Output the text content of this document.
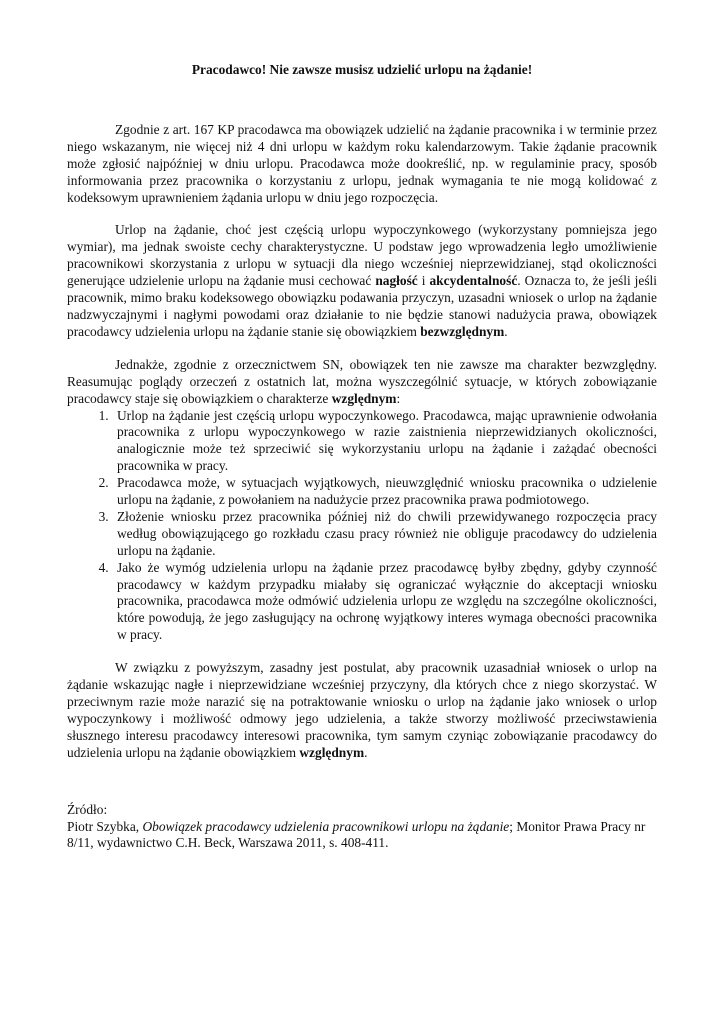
Pracodawco! Nie zawsze musisz udzielić urlopu na żądanie!

Zgodnie z art. 167 KP pracodawca ma obowiązek udzielić na żądanie pracownika i w terminie przez niego wskazanym, nie więcej niż 4 dni urlopu w każdym roku kalendarzowym. Takie żądanie pracownik może zgłosić najpóźniej w dniu urlopu. Pracodawca może dookreślić, np. w regulaminie pracy, sposób informowania przez pracownika o korzystaniu z urlopu, jednak wymagania te nie mogą kolidować z kodeksowym uprawnieniem żądania urlopu w dniu jego rozpoczęcia.

Urlop na żądanie, choć jest częścią urlopu wypoczynkowego (wykorzystany pomniejsza jego wymiar), ma jednak swoiste cechy charakterystyczne. U podstaw jego wprowadzenia legło umożliwienie pracownikowi skorzystania z urlopu w sytuacji dla niego wcześniej nieprzewidzianej, stąd okoliczności generujące udzielenie urlopu na żądanie musi cechować nagłość i akcydentalność. Oznacza to, że jeśli jeśli pracownik, mimo braku kodeksowego obowiązku podawania przyczyn, uzasadni wniosek o urlop na żądanie nadzwyczajnymi i nagłymi powodami oraz działanie to nie będzie stanowi nadużycia prawa, obowiązek pracodawcy udzielenia urlopu na żądanie stanie się obowiązkiem bezwzględnym.

Jednakże, zgodnie z orzecznictwem SN, obowiązek ten nie zawsze ma charakter bezwzględny. Reasumując poglądy orzeczeń z ostatnich lat, można wyszczególnić sytuacje, w których zobowiązanie pracodawcy staje się obowiązkiem o charakterze względnym:

1. Urlop na żądanie jest częścią urlopu wypoczynkowego. Pracodawca, mając uprawnienie odwołania pracownika z urlopu wypoczynkowego w razie zaistnienia nieprzewidzianych okoliczności, analogicznie może też sprzeciwić się wykorzystaniu urlopu na żądanie i zażądać obecności pracownika w pracy.
2. Pracodawca może, w sytuacjach wyjątkowych, nieuwzględnić wniosku pracownika o udzielenie urlopu na żądanie, z powołaniem na nadużycie przez pracownika prawa podmiotowego.
3. Złożenie wniosku przez pracownika później niż do chwili przewidywanego rozpoczęcia pracy według obowiązującego go rozkładu czasu pracy również nie obliguje pracodawcy do udzielenia urlopu na żądanie.
4. Jako że wymóg udzielenia urlopu na żądanie przez pracodawcę byłby zbędny, gdyby czynność pracodawcy w każdym przypadku miałaby się ograniczać wyłącznie do akceptacji wniosku pracownika, pracodawca może odmówić udzielenia urlopu ze względu na szczególne okoliczności, które powodują, że jego zasługujący na ochronę wyjątkowy interes wymaga obecności pracownika w pracy.

W związku z powyższym, zasadny jest postulat, aby pracownik uzasadniał wniosek o urlop na żądanie wskazując nagłe i nieprzewidziane wcześniej przyczyny, dla których chce z niego skorzystać. W przeciwnym razie może narazić się na potraktowanie wniosku o urlop na żądanie jako wniosek o urlop wypoczynkowy i możliwość odmowy jego udzielenia, a także stworzy możliwość przeciwstawienia słusznego interesu pracodawcy interesowi pracownika, tym samym czyniąc zobowiązanie pracodawcy do udzielenia urlopu na żądanie obowiązkiem względnym.

Źródło:

Piotr Szybka, Obowiązek pracodawcy udzielenia pracownikowi urlopu na żądanie; Monitor Prawa Pracy nr 8/11, wydawnictwo C.H. Beck, Warszawa 2011, s. 408-411.
